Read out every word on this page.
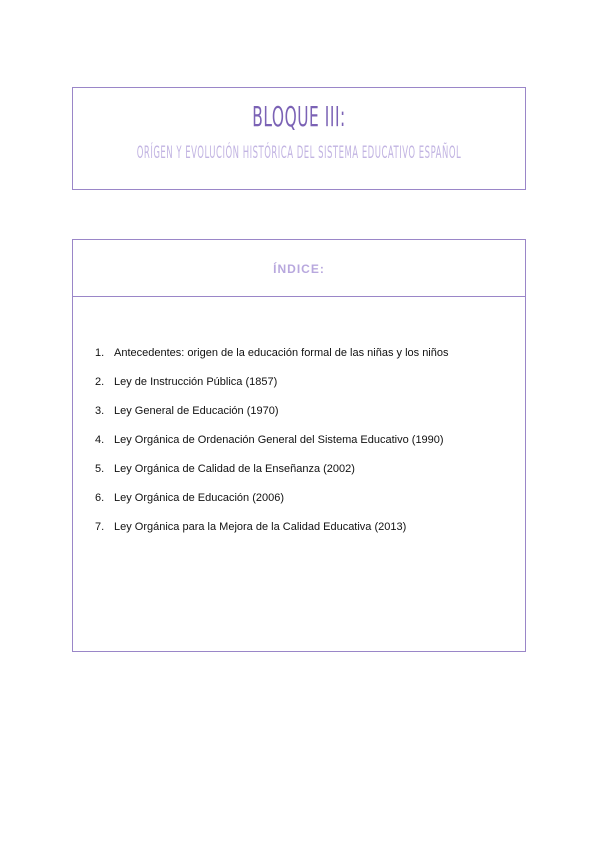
BLOQUE III:
ORÍGEN Y EVOLUCIÓN HISTÓRICA DEL SISTEMA EDUCATIVO ESPAÑOL
ÍNDICE:
1. Antecedentes: origen de la educación formal de las niñas y los niños
2. Ley de Instrucción Pública (1857)
3. Ley General de Educación (1970)
4. Ley Orgánica de Ordenación General del Sistema Educativo (1990)
5. Ley Orgánica de Calidad de la Enseñanza (2002)
6. Ley Orgánica de Educación (2006)
7. Ley Orgánica para la Mejora de la Calidad Educativa (2013)
